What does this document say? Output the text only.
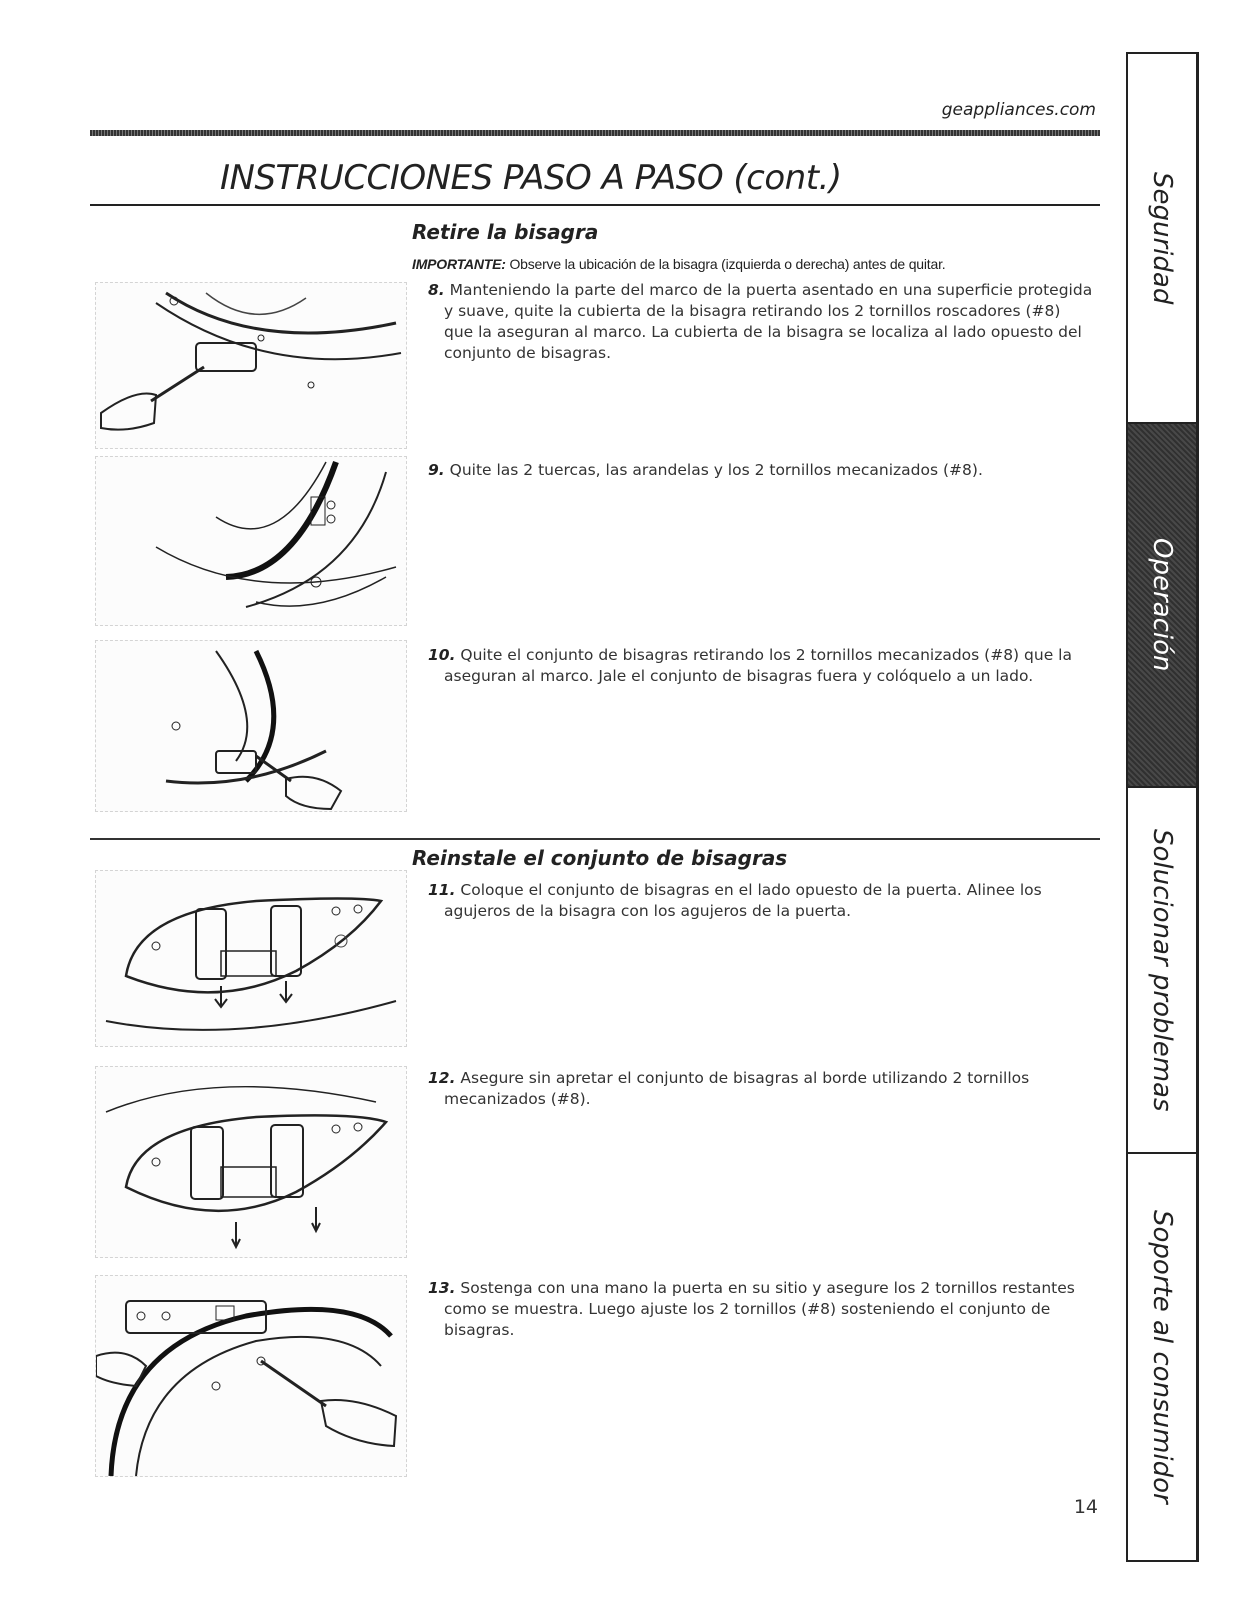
geappliances.com
INSTRUCCIONES PASO A PASO (cont.)
Retire la bisagra
IMPORTANTE: Observe la ubicación de la bisagra (izquierda o derecha) antes de quitar.
8. Manteniendo la parte del marco de la puerta asentado en una superficie protegida y suave, quite la cubierta de la bisagra retirando los 2 tornillos roscadores (#8) que la aseguran al marco. La cubierta de la bisagra se localiza al lado opuesto del conjunto de bisagras.
9. Quite las 2 tuercas, las arandelas y los 2 tornillos mecanizados (#8).
10. Quite el conjunto de bisagras retirando los 2 tornillos mecanizados (#8) que la aseguran al marco. Jale el conjunto de bisagras fuera y colóquelo a un lado.
Reinstale el conjunto de bisagras
11. Coloque el conjunto de bisagras en el lado opuesto de la puerta. Alinee los agujeros de la bisagra con los agujeros de la puerta.
12. Asegure sin apretar el conjunto de bisagras al borde utilizando 2 tornillos mecanizados (#8).
13. Sostenga con una mano la puerta en su sitio y asegure los 2 tornillos restantes como se muestra. Luego ajuste los 2 tornillos (#8) sosteniendo el conjunto de bisagras.
14
Seguridad
Operación
Solucionar problemas
Soporte al consumidor
